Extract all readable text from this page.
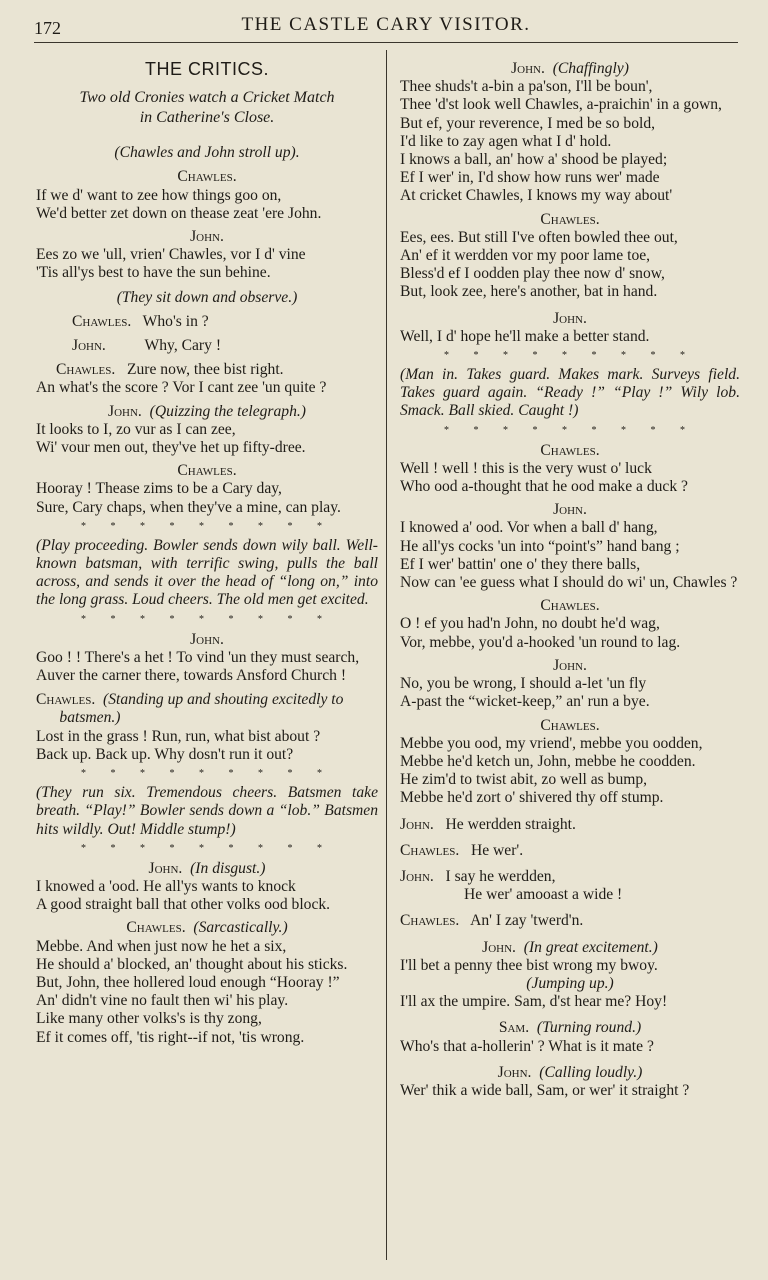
172	THE CASTLE CARY VISITOR.
THE CRITICS.
Two old Cronies watch a Cricket Match
in Catherine's Close.

(Chawles and John stroll up).

Chawles.

If we d' want to zee how things goo on,

We'd better zet down on thease zeat 'ere John.

John.

Ees zo we 'ull, vrien' Chawles, vor I d' vine

'Tis all'ys best to have the sun behine.

(They sit down and observe.)

Chawles. Who's in ?

John. Why, Cary !

Chawles. Zure now, thee bist right.

An what's the score ? Vor I cant zee 'un quite ?

John. (Quizzing the telegraph.)

It looks to I, zo vur as I can zee,

Wi' vour men out, they've het up fifty-dree.

Chawles.

Hooray ! Thease zims to be a Cary day,

Sure, Cary chaps, when they've a mine, can play.

* * * * * * * * *

(Play proceeding. Bowler sends down wily ball. Well-known batsman, with terrific swing, pulls the ball across, and sends it over the head of “long on,” into the long grass. Loud cheers. The old men get excited.

* * * * * * * * *
John.

Goo ! ! There's a het ! To vind 'un they must search,

Auver the carner there, towards Ansford Church !

Chawles. (Standing up and shouting excitedly to batsmen.)

Lost in the grass ! Run, run, what bist about ?

Back up. Back up. Why dosn't run it out?

* * * * * * * * *

(They run six. Tremendous cheers. Batsmen take breath. “Play!” Bowler sends down a “lob.” Batsmen hits wildly. Out! Middle stump!)

* * * * * * * * *
John. (In disgust.)

I knowed a 'ood. He all'ys wants to knock

A good straight ball that other volks ood block.

Chawles. (Sarcastically.)

Mebbe. And when just now he het a six,

He should a' blocked, an' thought about his sticks.

But, John, thee hollered loud enough “Hooray !”

An' didn't vine no fault then wi' his play.

Like many other volks's is thy zong,

Ef it comes off, 'tis right--if not, 'tis wrong.

John. (Chaffingly)

Thee shuds't a-bin a pa'son, I'll be boun',

Thee 'd'st look well Chawles, a-praichin' in a gown,

But ef, your reverence, I med be so bold,

I'd like to zay agen what I d' hold.

I knows a ball, an' how a' shood be played;

Ef I wer' in, I'd show how runs wer' made

At cricket Chawles, I knows my way about'

Chawles.

Ees, ees. But still I've often bowled thee out,

An' ef it werdden vor my poor lame toe,

Bless'd ef I oodden play thee now d' snow,

But, look zee, here's another, bat in hand.

John.

Well, I d' hope he'll make a better stand.

* * * * * * * * *

(Man in. Takes guard. Makes mark. Surveys field. Takes guard again. “Ready !” “Play !” Wily lob. Smack. Ball skied. Caught !)

* * * * * * * * *
Chawles.

Well ! well ! this is the very wust o' luck

Who ood a-thought that he ood make a duck ?

John.

I knowed a' ood. Vor when a ball d' hang,

He all'ys cocks 'un into “point's” hand bang ;

Ef I wer' battin' one o' they there balls,

Now can 'ee guess what I should do wi' un, Chawles ?

Chawles.

O ! ef you had'n John, no doubt he'd wag,

Vor, mebbe, you'd a-hooked 'un round to lag.

John.

No, you be wrong, I should a-let 'un fly

A-past the “wicket-keep,” an' run a bye.

Chawles.

Mebbe you ood, my vriend', mebbe you oodden,

Mebbe he'd ketch un, John, mebbe he coodden.

He zim'd to twist abit, zo well as bump,

Mebbe he'd zort o' shivered thy off stump.

John. He werdden straight.

Chawles. He wer'.

John. I say he werdden,

He wer' amooast a wide !

Chawles. An' I zay 'twerd'n.

John. (In great excitement.)

I'll bet a penny thee bist wrong my bwoy.

(Jumping up.)

I'll ax the umpire. Sam, d'st hear me? Hoy!

Sam. (Turning round.)

Who's that a-hollerin' ? What is it mate ?

John. (Calling loudly.)

Wer' thik a wide ball, Sam, or wer' it straight ?
